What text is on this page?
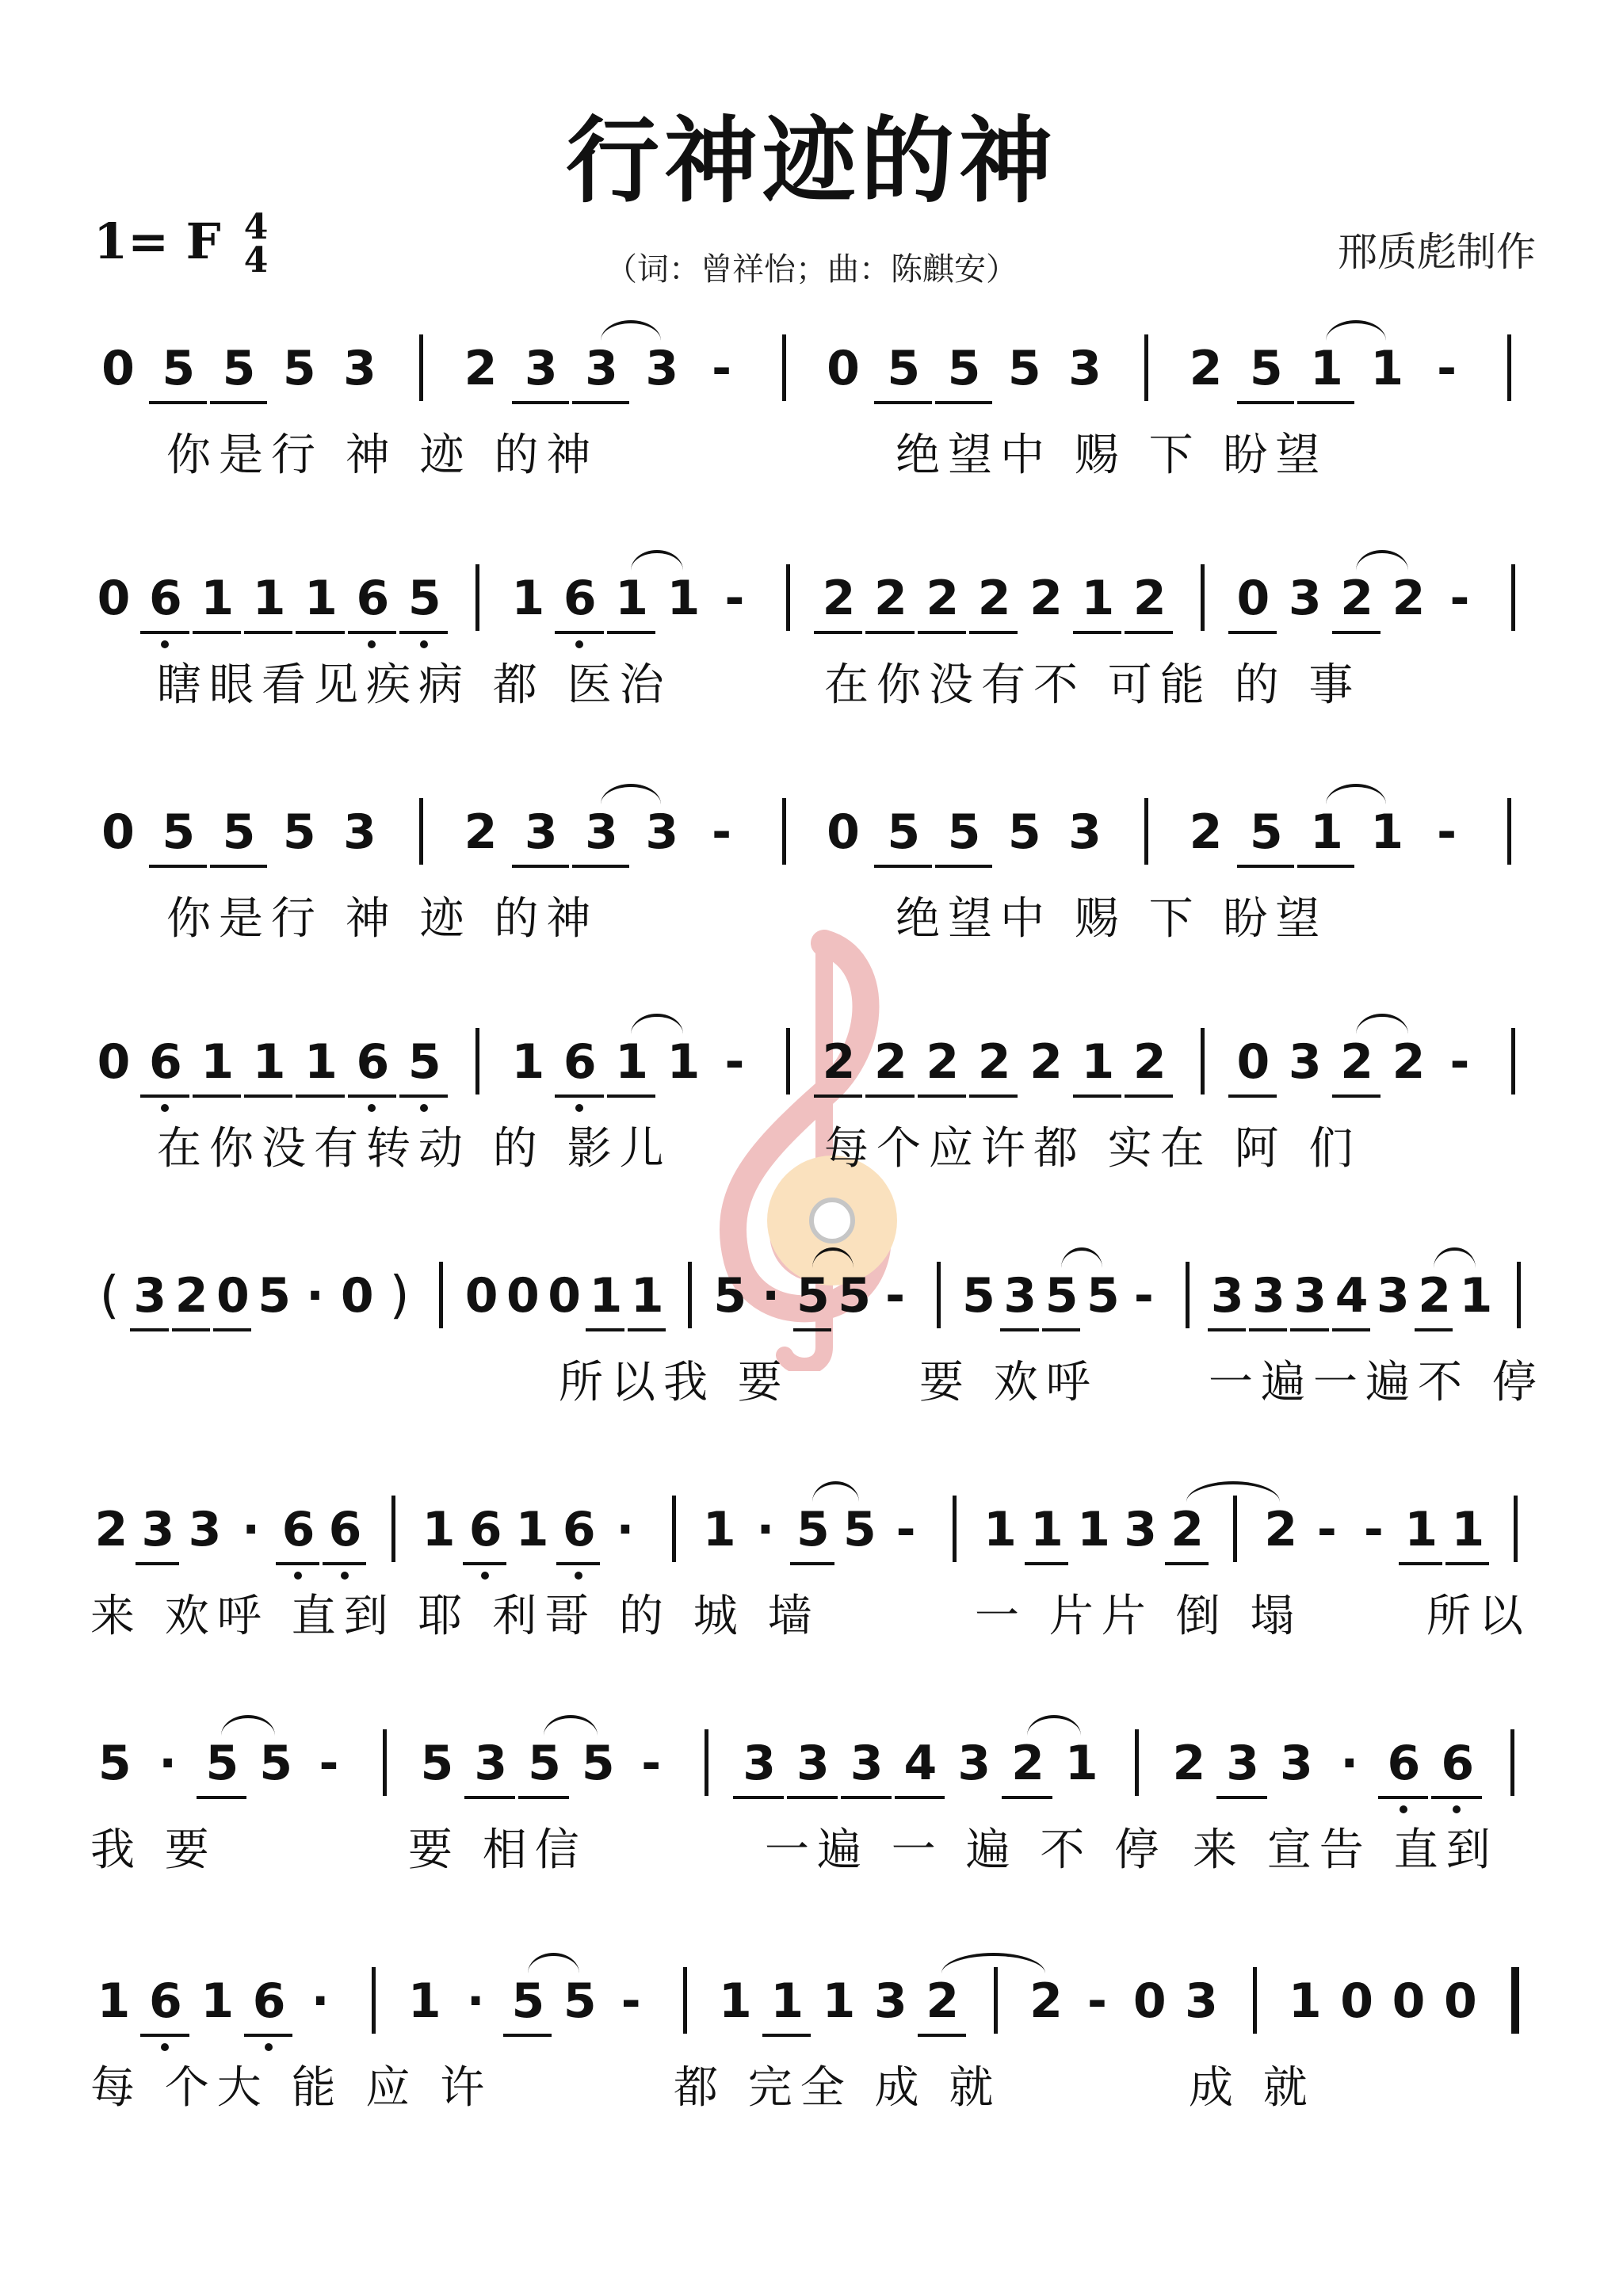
行神迹的神
1= F 4
4	（词：曾祥怡；曲：陈麒安）	邢质彪制作
0 5 5 5 3 2 3 3 3 - 0 5 5 5 3 2 5 1 1 -
你是行 神 迹 的神	绝望中 赐 下 盼望
0 6 1 1 1 6 5 1 6 1 1 - 2 2 2 2 2 1 2 0 3 2 2 -
瞎眼看见疾病 都 医治	在你没有不 可能 的 事
0 5 5 5 3 2 3 3 3 - 0 5 5 5 3 2 5 1 1 -
你是行 神 迹 的神	绝望中 赐 下 盼望
0 6 1 1 1 6 5 1 6 1 1 - 2 2 2 2 2 1 2 0 3 2 2 -
在你没有转动 的 影儿	每个应许都 实在 阿 们
( 3 2 0 5 · 0 ) 0 0 0 1 1 5 · 5 5 - 5 3 5 5 - 3 3 3 4 3 2 1
所以我 要	要 欢呼 一遍一遍不 停
2 3 3 · 6 6 1 6 1 6 · 1 · 5 5 - 1 1 1 3 2 2 - - 1 1
来 欢呼 直到 耶 利哥 的 城 墙	一 片片 倒 塌	所以
5 · 5 5 - 5 3 5 5 - 3 3 3 4 3 2 1 2 3 3 · 6 6
我 要	要 相信	一遍 一 遍 不 停 来 宣告 直到
1 6 1 6 · 1 · 5 5 - 1 1 1 3 2 2 - 0 3 1 0 0 0
每 个大 能 应 许	都 完全 成 就	成 就
